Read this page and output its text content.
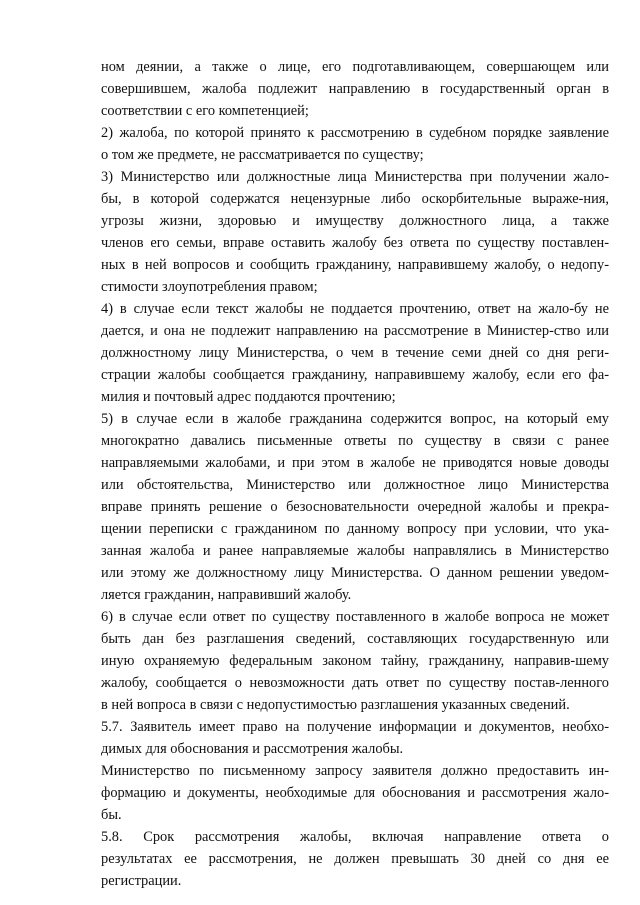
ном деянии, а также о лице, его подготавливающем, совершающем или
совершившем, жалоба подлежит направлению в государственный орган в
соответствии с его компетенцией;
2) жалоба, по которой принято к рассмотрению в судебном порядке заявление
о том же предмете, не рассматривается по существу;
3) Министерство или должностные лица Министерства при получении жало-
бы, в которой содержатся нецензурные либо оскорбительные выраже-ния,
угрозы жизни, здоровью и имуществу должностного лица, а также
членов его семьи, вправе оставить жалобу без ответа по существу поставлен-
ных в ней вопросов и сообщить гражданину, направившему жалобу, о недопу-
стимости злоупотребления правом;
4) в случае если текст жалобы не поддается прочтению, ответ на жало-бу не
дается, и она не подлежит направлению на рассмотрение в Министер-ство или
должностному лицу Министерства, о чем в течение семи дней со дня реги-
страции жалобы сообщается гражданину, направившему жалобу, если его фа-
милия и почтовый адрес поддаются прочтению;
5) в случае если в жалобе гражданина содержится вопрос, на который ему
многократно давались письменные ответы по существу в связи с ранее
направляемыми жалобами, и при этом в жалобе не приводятся новые доводы
или обстоятельства, Министерство или должностное лицо Министерства
вправе принять решение о безосновательности очередной жалобы и прекра-
щении переписки с гражданином по данному вопросу при условии, что ука-
занная жалоба и ранее направляемые жалобы направлялись в Министерство
или этому же должностному лицу Министерства. О данном решении уведом-
ляется гражданин, направивший жалобу.
6) в случае если ответ по существу поставленного в жалобе вопроса не может
быть дан без разглашения сведений, составляющих государственную или
иную охраняемую федеральным законом тайну, гражданину, направив-шему
жалобу, сообщается о невозможности дать ответ по существу постав-ленного
в ней вопроса в связи с недопустимостью разглашения указанных сведений.
5.7. Заявитель имеет право на получение информации и документов, необхо-
димых для обоснования и рассмотрения жалобы.
Министерство по письменному запросу заявителя должно предоставить ин-
формацию и документы, необходимые для обоснования и рассмотрения жало-
бы.
5.8. Срок рассмотрения жалобы, включая направление ответа о
результатах ее рассмотрения, не должен превышать 30 дней со дня ее
регистрации.
